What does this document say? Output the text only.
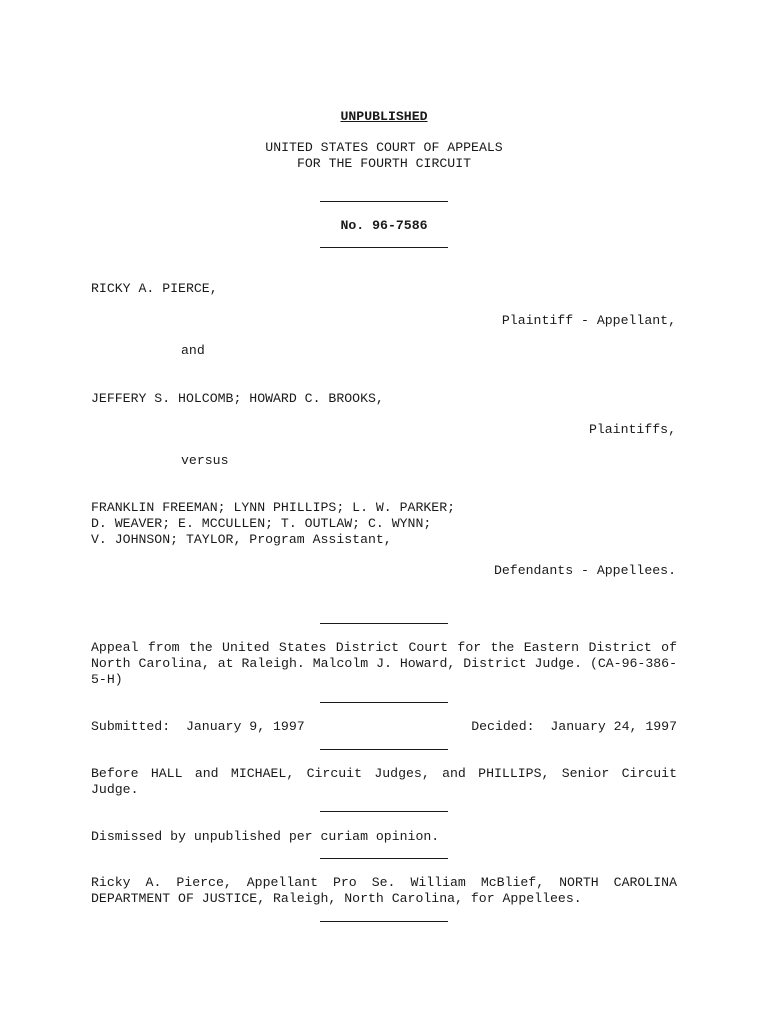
UNPUBLISHED
UNITED STATES COURT OF APPEALS
FOR THE FOURTH CIRCUIT
No. 96-7586
RICKY A. PIERCE,
Plaintiff - Appellant,
and
JEFFERY S. HOLCOMB; HOWARD C. BROOKS,
Plaintiffs,
versus
FRANKLIN FREEMAN; LYNN PHILLIPS; L. W. PARKER;
D. WEAVER; E. MCCULLEN; T. OUTLAW; C. WYNN;
V. JOHNSON; TAYLOR, Program Assistant,
Defendants - Appellees.
Appeal from the United States District Court for the Eastern District of North Carolina, at Raleigh. Malcolm J. Howard, District Judge. (CA-96-386-5-H)
Submitted:  January 9, 1997	Decided:  January 24, 1997
Before HALL and MICHAEL, Circuit Judges, and PHILLIPS, Senior Circuit Judge.
Dismissed by unpublished per curiam opinion.
Ricky A. Pierce, Appellant Pro Se. William McBlief, NORTH CAROLINA DEPARTMENT OF JUSTICE, Raleigh, North Carolina, for Appellees.
